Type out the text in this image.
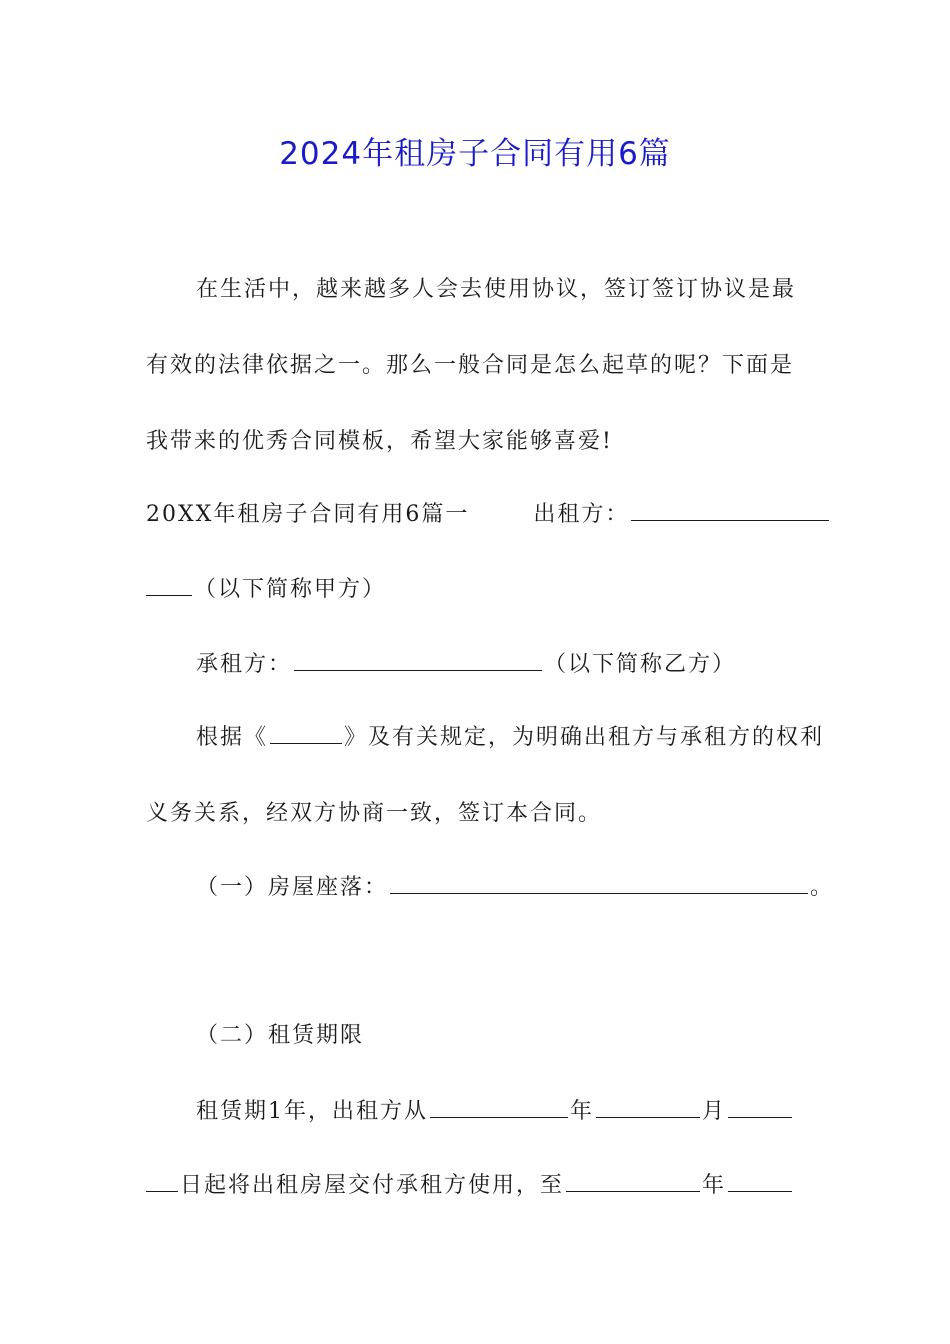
2024年租房子合同有用6篇
在生活中，越来越多人会去使用协议，签订签订协议是最
有效的法律依据之一。那么一般合同是怎么起草的呢？下面是
我带来的优秀合同模板，希望大家能够喜爱!
20XX年租房子合同有用6篇一	出租方：
（以下简称甲方）
承租方：	（以下简称乙方）
根据《	》及有关规定，为明确出租方与承租方的权利
义务关系，经双方协商一致，签订本合同。
（一）房屋座落：	。
（二）租赁期限
租赁期1年，出租方从	年	月
日起将出租房屋交付承租方使用，至	年
